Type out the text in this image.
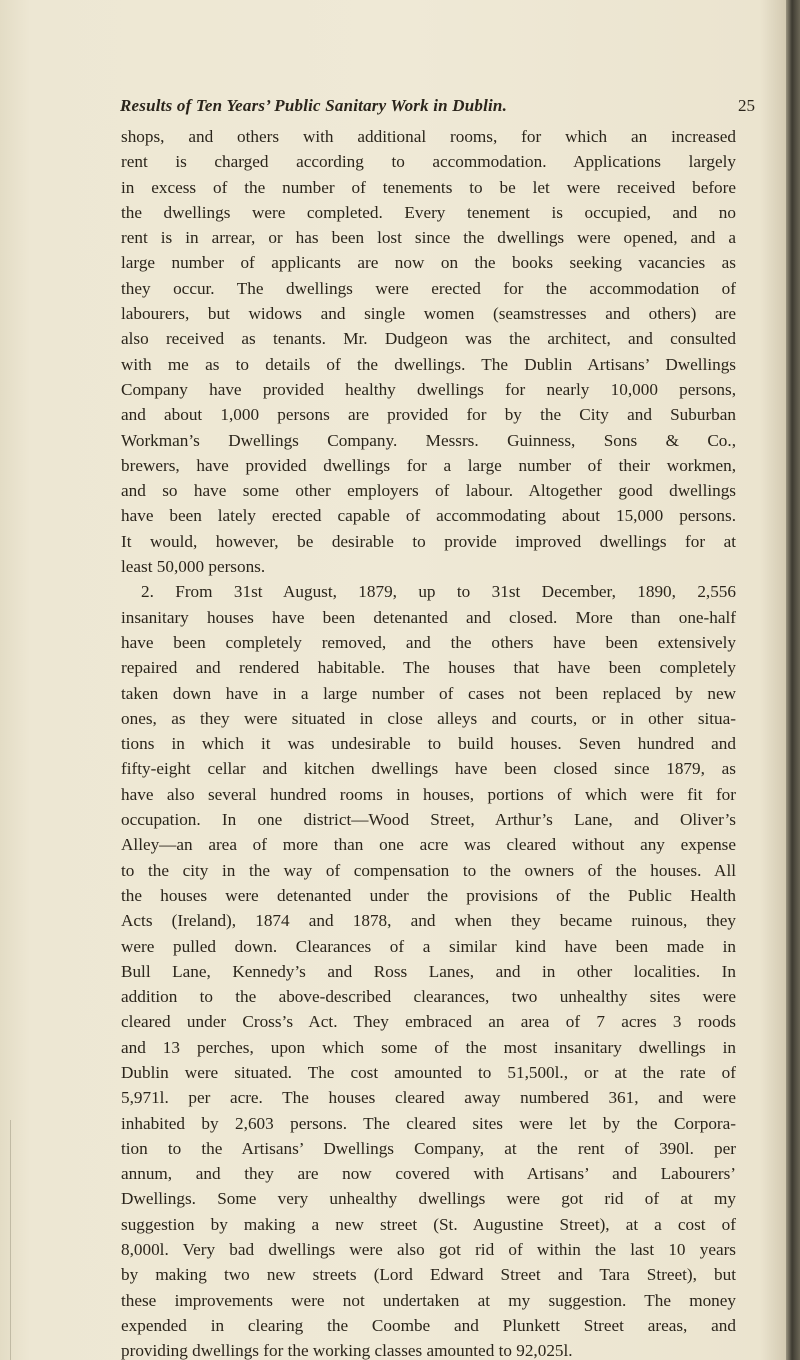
Results of Ten Years’ Public Sanitary Work in Dublin.	25
shops, and others with additional rooms, for which an increased
rent is charged according to accommodation. Applications largely
in excess of the number of tenements to be let were received before
the dwellings were completed. Every tenement is occupied, and no
rent is in arrear, or has been lost since the dwellings were opened, and a
large number of applicants are now on the books seeking vacancies as
they occur. The dwellings were erected for the accommodation of
labourers, but widows and single women (seamstresses and others) are
also received as tenants. Mr. Dudgeon was the architect, and consulted
with me as to details of the dwellings. The Dublin Artisans’ Dwellings
Company have provided healthy dwellings for nearly 10,000 persons,
and about 1,000 persons are provided for by the City and Suburban
Workman’s Dwellings Company. Messrs. Guinness, Sons & Co.,
brewers, have provided dwellings for a large number of their workmen,
and so have some other employers of labour. Altogether good dwellings
have been lately erected capable of accommodating about 15,000 persons.
It would, however, be desirable to provide improved dwellings for at
least 50,000 persons.
2. From 31st August, 1879, up to 31st December, 1890, 2,556
insanitary houses have been detenanted and closed. More than one-half
have been completely removed, and the others have been extensively
repaired and rendered habitable. The houses that have been completely
taken down have in a large number of cases not been replaced by new
ones, as they were situated in close alleys and courts, or in other situa-
tions in which it was undesirable to build houses. Seven hundred and
fifty-eight cellar and kitchen dwellings have been closed since 1879, as
have also several hundred rooms in houses, portions of which were fit for
occupation. In one district—Wood Street, Arthur’s Lane, and Oliver’s
Alley—an area of more than one acre was cleared without any expense
to the city in the way of compensation to the owners of the houses. All
the houses were detenanted under the provisions of the Public Health
Acts (Ireland), 1874 and 1878, and when they became ruinous, they
were pulled down. Clearances of a similar kind have been made in
Bull Lane, Kennedy’s and Ross Lanes, and in other localities. In
addition to the above-described clearances, two unhealthy sites were
cleared under Cross’s Act. They embraced an area of 7 acres 3 roods
and 13 perches, upon which some of the most insanitary dwellings in
Dublin were situated. The cost amounted to 51,500l., or at the rate of
5,971l. per acre. The houses cleared away numbered 361, and were
inhabited by 2,603 persons. The cleared sites were let by the Corpora-
tion to the Artisans’ Dwellings Company, at the rent of 390l. per
annum, and they are now covered with Artisans’ and Labourers’
Dwellings. Some very unhealthy dwellings were got rid of at my
suggestion by making a new street (St. Augustine Street), at a cost of
8,000l. Very bad dwellings were also got rid of within the last 10 years
by making two new streets (Lord Edward Street and Tara Street), but
these improvements were not undertaken at my suggestion. The money
expended in clearing the Coombe and Plunkett Street areas, and
providing dwellings for the working classes amounted to 92,025l.
